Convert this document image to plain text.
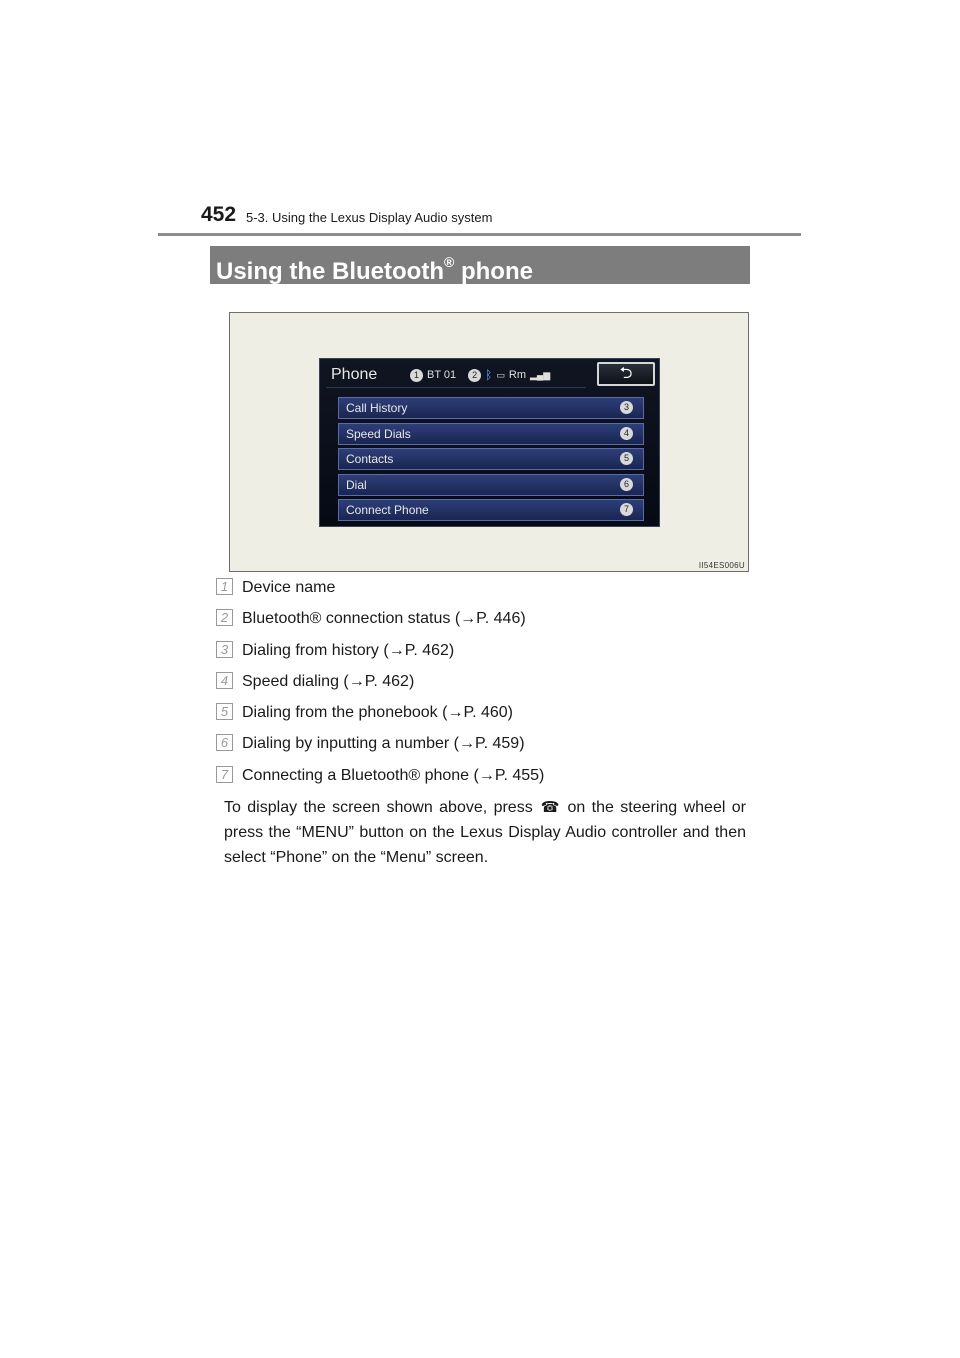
452 5-3. Using the Lexus Display Audio system
Using the Bluetooth® phone
Phone	1 BT 01	2 ᛒ ▭ Rm ▂▄▆	⮌
Call History	3
Speed Dials	4
Contacts	5
Dial	6
Connect Phone	7
II54ES006U
1 Device name
2 Bluetooth® connection status (→P. 446)
3 Dialing from history (→P. 462)
4 Speed dialing (→P. 462)
5 Dialing from the phonebook (→P. 460)
6 Dialing by inputting a number (→P. 459)
7 Connecting a Bluetooth® phone (→P. 455)
To display the screen shown above, press ☎ on the steering wheel or press the “MENU” button on the Lexus Display Audio controller and then select “Phone” on the “Menu” screen.
